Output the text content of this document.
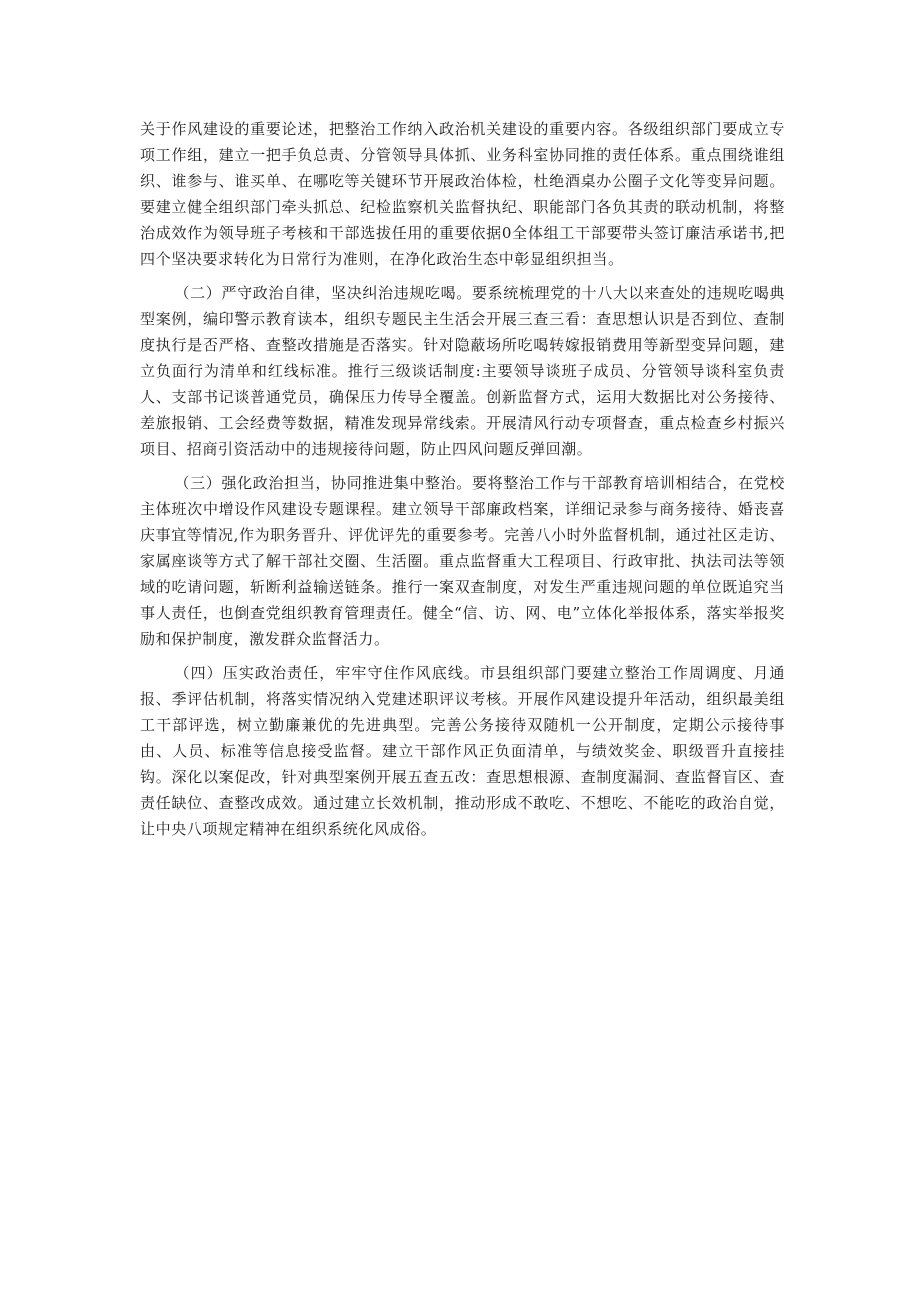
关于作风建设的重要论述，把整治工作纳入政治机关建设的重要内容。各级组织部门要成立专项工作组，建立一把手负总责、分管领导具体抓、业务科室协同推的责任体系。重点围绕谁组织、谁参与、谁买单、在哪吃等关键环节开展政治体检，杜绝酒桌办公圈子文化等变异问题。要建立健全组织部门牵头抓总、纪检监察机关监督执纪、职能部门各负其责的联动机制，将整治成效作为领导班子考核和干部选拔任用的重要依据0全体组工干部要带头签订廉洁承诺书,把四个坚决要求转化为日常行为准则，在净化政治生态中彰显组织担当。

（二）严守政治自律，坚决纠治违规吃喝。要系统梳理党的十八大以来查处的违规吃喝典型案例，编印警示教育读本，组织专题民主生活会开展三查三看：查思想认识是否到位、查制度执行是否严格、查整改措施是否落实。针对隐蔽场所吃喝转嫁报销费用等新型变异问题，建立负面行为清单和红线标准。推行三级谈话制度:主要领导谈班子成员、分管领导谈科室负责人、支部书记谈普通党员，确保压力传导全覆盖。创新监督方式，运用大数据比对公务接待、差旅报销、工会经费等数据，精准发现异常线索。开展清风行动专项督查，重点检查乡村振兴项目、招商引资活动中的违规接待问题，防止四风问题反弹回潮。

（三）强化政治担当，协同推进集中整治。要将整治工作与干部教育培训相结合，在党校主体班次中增设作风建设专题课程。建立领导干部廉政档案，详细记录参与商务接待、婚丧喜庆事宜等情况,作为职务晋升、评优评先的重要参考。完善八小时外监督机制，通过社区走访、家属座谈等方式了解干部社交圈、生活圈。重点监督重大工程项目、行政审批、执法司法等领域的吃请问题，斩断利益输送链条。推行一案双查制度，对发生严重违规问题的单位既追究当事人责任，也倒查党组织教育管理责任。健全“信、访、网、电”立体化举报体系，落实举报奖励和保护制度，激发群众监督活力。

（四）压实政治责任，牢牢守住作风底线。市县组织部门要建立整治工作周调度、月通报、季评估机制，将落实情况纳入党建述职评议考核。开展作风建设提升年活动，组织最美组工干部评选，树立勤廉兼优的先进典型。完善公务接待双随机一公开制度，定期公示接待事由、人员、标准等信息接受监督。建立干部作风正负面清单，与绩效奖金、职级晋升直接挂钩。深化以案促改，针对典型案例开展五查五改：查思想根源、查制度漏洞、查监督盲区、查责任缺位、查整改成效。通过建立长效机制，推动形成不敢吃、不想吃、不能吃的政治自觉，让中央八项规定精神在组织系统化风成俗。
